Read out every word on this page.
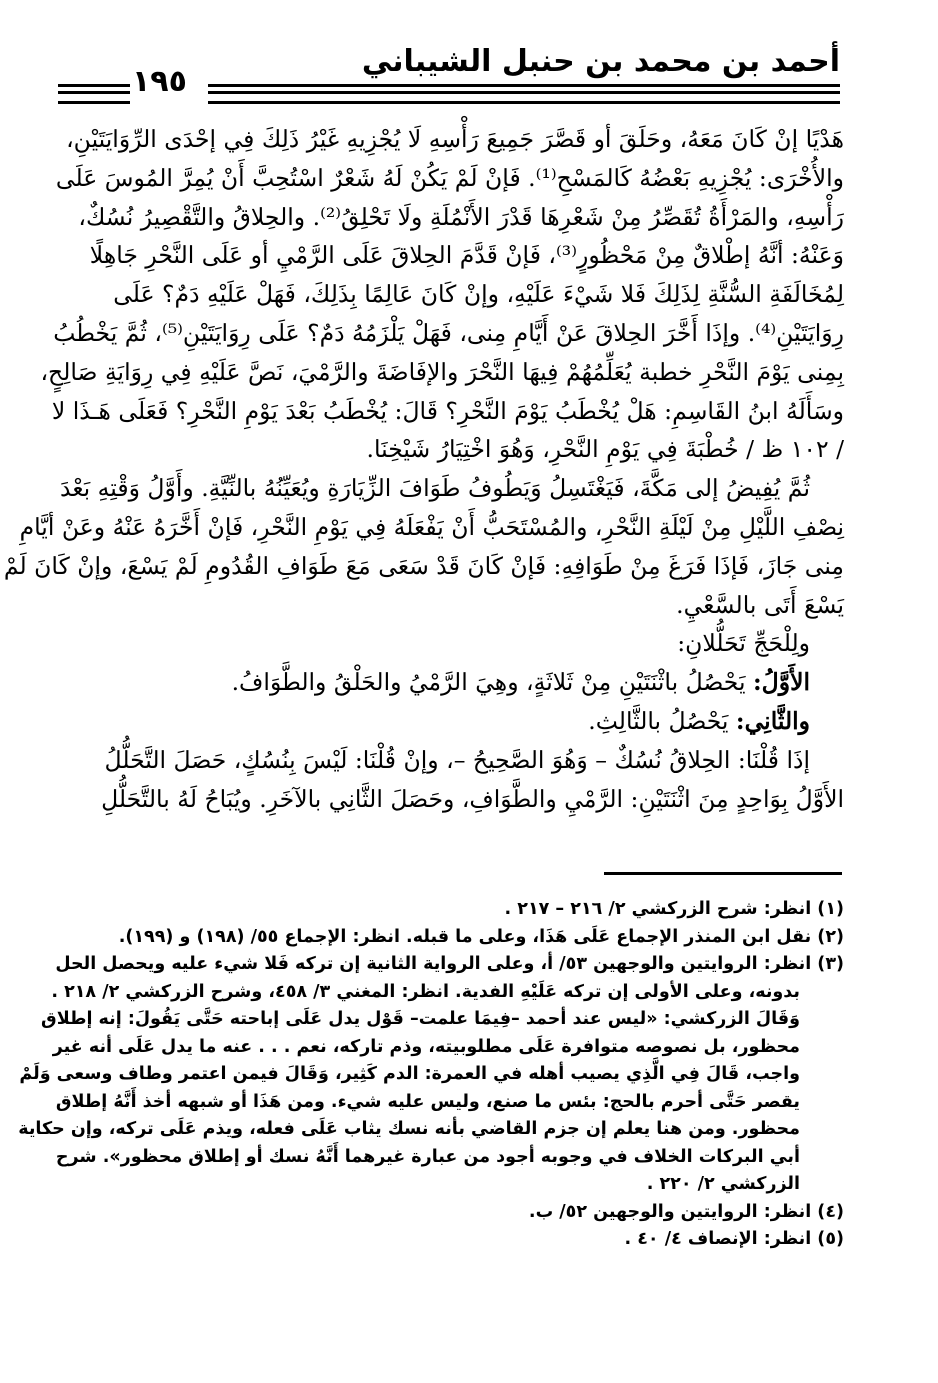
أحمد بن محمد بن حنبل الشيباني
١٩٥
هَدْيًا إنْ كَانَ مَعَهُ، وحَلَقَ أو قَصَّرَ جَمِيعَ رَأْسِهِ لَا يُجْزِيهِ غَيْرُ ذَلِكَ فِي إحْدَى الرِّوَايَتَيْنِ،
والأُخْرَى: يُجْزِيهِ بَعْضُهُ كَالمَسْحِ⁽¹⁾. فَإنْ لَمْ يَكُنْ لَهُ شَعْرٌ اسْتُحِبَّ أَنْ يُمِرَّ المُوسَ عَلَى
رَأْسِهِ، والمَرْأَةُ تُقَصِّرُ مِنْ شَعْرِهَا قَدْرَ الأَنْمُلَةِ ولَا تَحْلِقُ⁽²⁾. والحِلاقُ والتَّقْصِيرُ نُسُكٌ،
وَعَنْهُ: أنَّهُ إطْلاقٌ مِنْ مَحْظُورٍ⁽³⁾، فَإنْ قَدَّمَ الحِلاقَ عَلَى الرَّمْيِ أو عَلَى النَّحْرِ جَاهِلًا
لِمُخَالَفَةِ السُّنَّةِ لِذَلِكَ فَلا شَيْءَ عَلَيْهِ، وإنْ كَانَ عَالِمًا بِذَلِكَ، فَهَلْ عَلَيْهِ دَمٌ؟ عَلَى
رِوَايَتَيْنِ⁽⁴⁾. وإذَا أَخَّرَ الحِلاقَ عَنْ أَيَّامِ مِنى، فَهَلْ يَلْزَمُهُ دَمٌ؟ عَلَى رِوَايَتَيْنِ⁽⁵⁾، ثُمَّ يَخْطُبُ
بِمِنى يَوْمَ النَّحْرِ خطبة يُعَلِّمُهُمْ فِيهَا النَّحْرَ والإفَاضَةَ والرَّمْيَ، نَصَّ عَلَيْهِ فِي رِوَايَةِ صَالِحٍ،
وسَأَلَهُ ابنُ القَاسِمِ: هَلْ يُخْطَبُ يَوْمَ النَّحْرِ؟ قَالَ: يُخْطَبُ بَعْدَ يَوْمِ النَّحْرِ؟ فَعَلَى هَـذَا لا
/ ١٠٢ ظ / خُطْبَةَ فِي يَوْمِ النَّحْرِ، وَهُوَ اخْتِيَارُ شَيْخِنَا.
ثُمَّ يُفِيضُ إلى مَكَّةَ، فَيَغْتَسِلُ وَيَطُوفُ طَوَافَ الزِّيَارَةِ ويُعَيِّنُهُ بالنِّيَّةِ. وأَوَّلُ وَقْتِهِ بَعْدَ
نِصْفِ اللَّيْلِ مِنْ لَيْلَةِ النَّحْرِ، والمُسْتَحَبُّ أَنْ يَفْعَلَهُ فِي يَوْمِ النَّحْرِ، فَإنْ أَخَّرَهُ عَنْهُ وعَنْ أيَّامِ
مِنى جَازَ، فَإذَا فَرَغَ مِنْ طَوَافِهِ: فَإنْ كَانَ قَدْ سَعَى مَعَ طَوَافِ القُدُومِ لَمْ يَسْعَ، وإنْ كَانَ لَمْ
يَسْعَ أَتَى بالسَّعْيِ.
ولِلْحَجِّ تَحَلُّلانِ:
الأَوَّلُ: يَحْصُلُ باثْنَتَيْنِ مِنْ ثَلاثَةٍ، وهِيَ الرَّمْيُ والحَلْقُ والطَّوَافُ.
والثَّانِي: يَحْصُلُ بالثَّالِثِ.
إذَا قُلْنَا: الحِلاقُ نُسُكٌ – وَهُوَ الصَّحِيحُ –، وإنْ قُلْنَا: لَيْسَ بِنُسُكٍ، حَصَلَ التَّحَلُّلُ
الأَوَّلُ بِوَاحِدٍ مِنَ اثْنَتَيْنِ: الرَّمْيِ والطَّوَافِ، وحَصَلَ الثَّانِي بالآخَرِ. ويُبَاحُ لَهُ بالتَّحَلُّلِ
(١) انظر: شرح الزركشي ٢/ ٢١٦ – ٢١٧ .
(٢) نقل ابن المنذر الإجماع عَلَى هَذَا، وعلى ما قبله. انظر: الإجماع ٥٥/ (١٩٨) و (١٩٩).
(٣) انظر: الروايتين والوجهين ٥٣/ أ، وعلى الرواية الثانية إن تركه فَلا شيء عليه ويحصل الحل
بدونه، وعلى الأولى إن تركه عَلَيْهِ الفدية. انظر: المغني ٣/ ٤٥٨، وشرح الزركشي ٢/ ٢١٨ .
وَقَالَ الزركشي: «ليس عند أحمد –فِيمَا علمت– قَوْل يدل عَلَى إباحته حَتَّى يَقُولَ: إنه إطلاق
محظور، بل نصوصه متوافرة عَلَى مطلوبيته، وذم تاركه، نعم . . . عنه ما يدل عَلَى أنه غير
واجب، قَالَ فِي الَّذِي يصيب أهله في العمرة: الدم كَثِير، وَقَالَ فيمن اعتمر وطاف وسعى وَلَمْ
يقصر حَتَّى أحرم بالحج: بئس ما صنع، وليس عليه شيء. ومن هَذَا أو شبهه أخذ أَنَّهُ إطلاق
محظور. ومن هنا يعلم إن جزم القاضي بأنه نسك يثاب عَلَى فعله، ويذم عَلَى تركه، وإن حكاية
أبي البركات الخلاف في وجوبه أجود من عبارة غيرهما أَنَّهُ نسك أو إطلاق محظور». شرح
الزركشي ٢/ ٢٢٠ .
(٤) انظر: الروايتين والوجهين ٥٢/ ب.
(٥) انظر: الإنصاف ٤/ ٤٠ .
